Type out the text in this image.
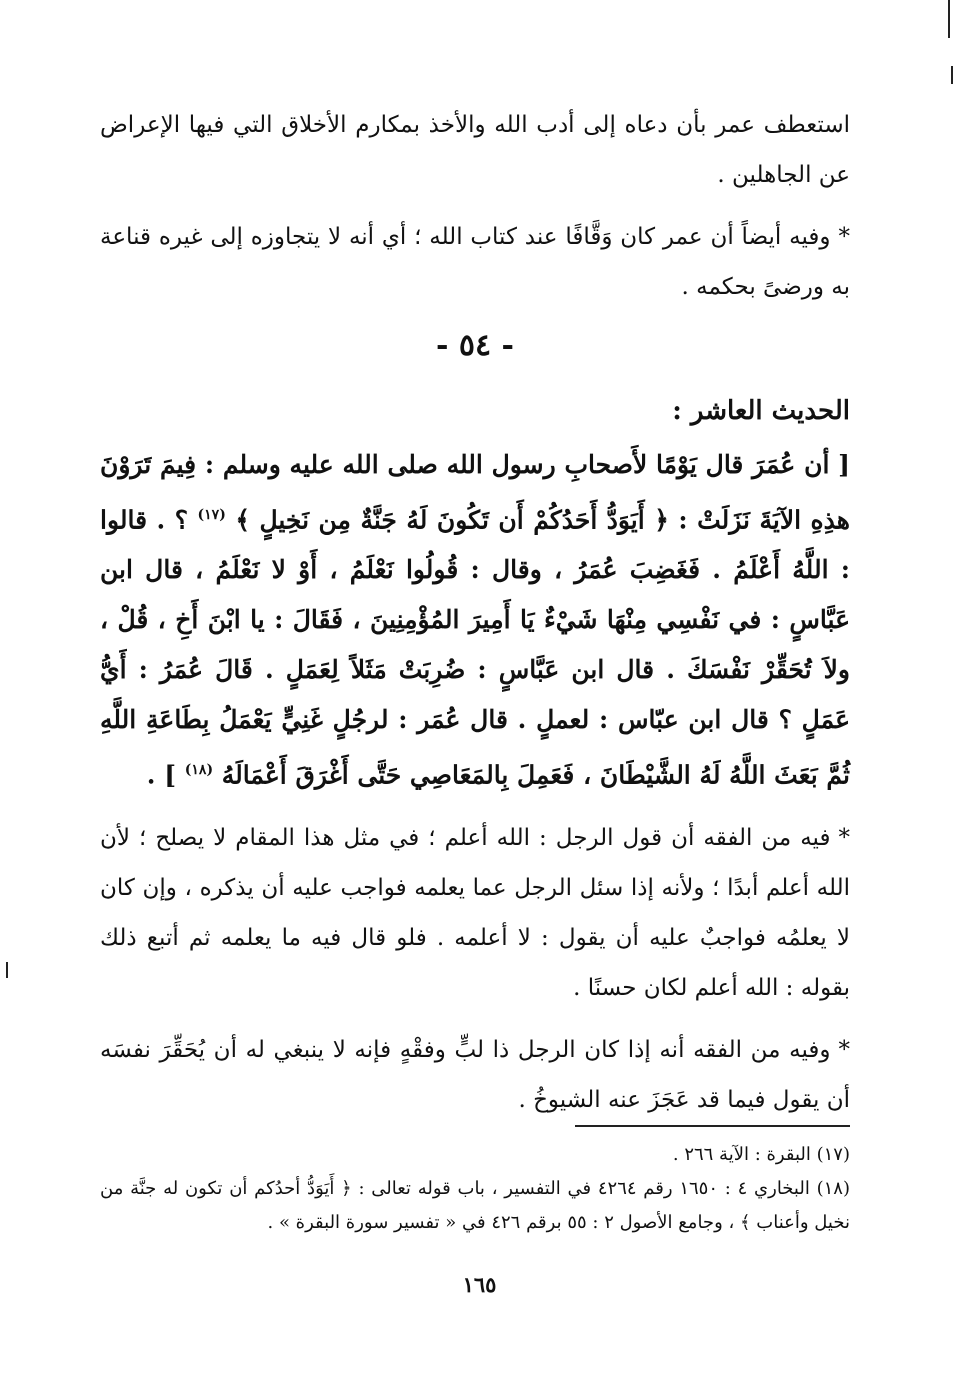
استعطف عمر بأن دعاه إلى أدب الله والأخذ بمكارم الأخلاق التي فيها الإعراض عن الجاهلين .

*وفيه أيضاً أن عمر كان وَقَّافًا عند كتاب الله ؛ أي أنه لا يتجاوزه إلى غيره قناعة به ورضىً بحكمه .

- ٥٤ -

الحديث العاشر :

[ أن عُمَرَ قال يَوْمًا لأَصحابِ رسول الله صلى الله عليه وسلم : فِيمَ تَرَوْنَ هذِهِ الآيَةَ نَزَلَتْ : ﴿ أَيَوَدُّ أَحَدُكُمْ أَن تَكُونَ لَهُ جَنَّةٌ مِن نَخِيلٍ ﴾ $^{(١٧)}$ ؟ . قالوا : اللَّهُ أَعْلَمُ . فَغَضِبَ عُمَرُ ، وقال : قُولُوا نَعْلَمُ ، أَوْ لا نَعْلَمُ ، قال ابن عَبَّاسٍ : في نَفْسِي مِنْهَا شَيْءٌ يَا أَمِيرَ المُؤْمِنِينَ ، فَقَالَ : يا ابْنَ أَخِ ، قُلْ ، ولاَ تُحَقِّرْ نَفْسَكَ . قال ابن عَبَّاسٍ : ضُرِبَتْ مَثَلاً لِعَمَلٍ . قَالَ عُمَرُ : أَيُّ عَمَلٍ ؟ قال ابن عبّاس : لعملٍ . قال عُمَر : لرجُلٍ غَنِيٍّ يَعْمَلُ بِطَاعَةِ اللَّهِ ثُمَّ بَعَثَ اللَّهُ لَهُ الشَّيْطَانَ ، فَعَمِلَ بِالمَعَاصِي حَتَّى أَغْرَقَ أَعْمَالَهُ $^{(١٨)}$ ] .

*فيه من الفقه أن قول الرجل : الله أعلم ؛ في مثل هذا المقام لا يصلح ؛ لأن الله أعلم أبدًا ؛ ولأنه إذا سئل الرجل عما يعلمه فواجب عليه أن يذكره ، وإن كان لا يعلمُه فواجبٌ عليه أن يقول : لا أعلمه . فلو قال فيه ما يعلمه ثم أتبع ذلك بقوله : الله أعلم لكان حسنًا .

*وفيه من الفقه أنه إذا كان الرجل ذا لبٍّ وفقْهٍ فإنه لا ينبغي له أن يُحَقِّرَ نفسَه أن يقول فيما قد عَجَزَ عنه الشيوخُ .

(١٧) البقرة : الآية ٢٦٦ .

(١٨) البخاري ٤ : ١٦٥٠ رقم ٤٢٦٤ في التفسير ، باب قوله تعالى : ﴿ أَيَوَدُّ أحدُكم أن تكون له جنَّة من نخيل وأعناب ﴾ ، وجامع الأصول ٢ : ٥٥ برقم ٤٢٦ في « تفسير سورة البقرة » .

١٦٥
